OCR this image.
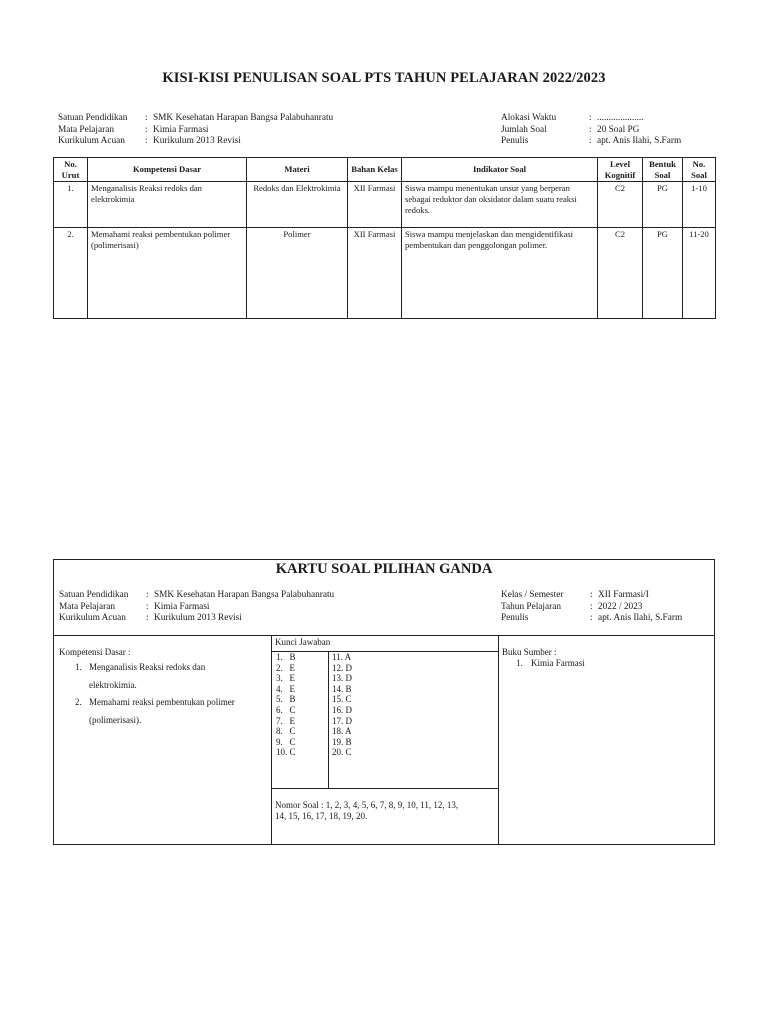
KISI-KISI PENULISAN SOAL PTS TAHUN PELAJARAN 2022/2023
Satuan Pendidikan	: SMK Kesehatan Harapan Bangsa Palabuhanratu
Mata Pelajaran	: Kimia Farmasi
Kurikulum Acuan	: Kurikulum 2013 Revisi
Alokasi Waktu	: ....................
Jumlah Soal	: 20 Soal PG
Penulis	: apt. Anis Ilahi, S.Farm
No. Urut	Kompetensi Dasar	Materi	Bahan Kelas	Indikator Soal	Level Kognitif	Bentuk Soal	No. Soal
1.	Menganalisis Reaksi redoks dan elektrokimia	Redoks dan Elektrokimia	XII Farmasi	Siswa mampu menentukan unsur yang berperan sebagai reduktor dan oksidator dalam suatu reaksi redoks.	C2	PG	1-10
2.	Memahami reaksi pembentukan polimer (polimerisasi)	Polimer	XII Farmasi	Siswa mampu menjelaskan dan mengidentifikasi pembentukan dan penggolongan polimer.	C2	PG	11-20
KARTU SOAL PILIHAN GANDA
Satuan Pendidikan	: SMK Kesehatan Harapan Bangsa Palabuhanratu
Mata Pelajaran	: Kimia Farmasi
Kurikulum Acuan	: Kurikulum 2013 Revisi
Kelas / Semester	: XII Farmasi/I
Tahun Pelajaran	: 2022 / 2023
Penulis	: apt. Anis Ilahi, S.Farm
Kompetensi Dasar :
1. Menganalisis Reaksi redoks dan
elektrokimia.
2. Memahami reaksi pembentukan polimer
(polimerisasi).
Kunci Jawaban
1.   B
2.   E
3.   E
4.   E
5.   B
6.   C
7.   E
8.   C
9.   C
10. C
11. A
12. D
13. D
14. B
15. C
16. D
17. D
18. A
19. B
20. C
Nomor Soal : 1, 2, 3, 4, 5, 6, 7, 8, 9, 10, 11, 12, 13,
14, 15, 16, 17, 18, 19, 20.
Buku Sumber :
1. Kimia Farmasi
